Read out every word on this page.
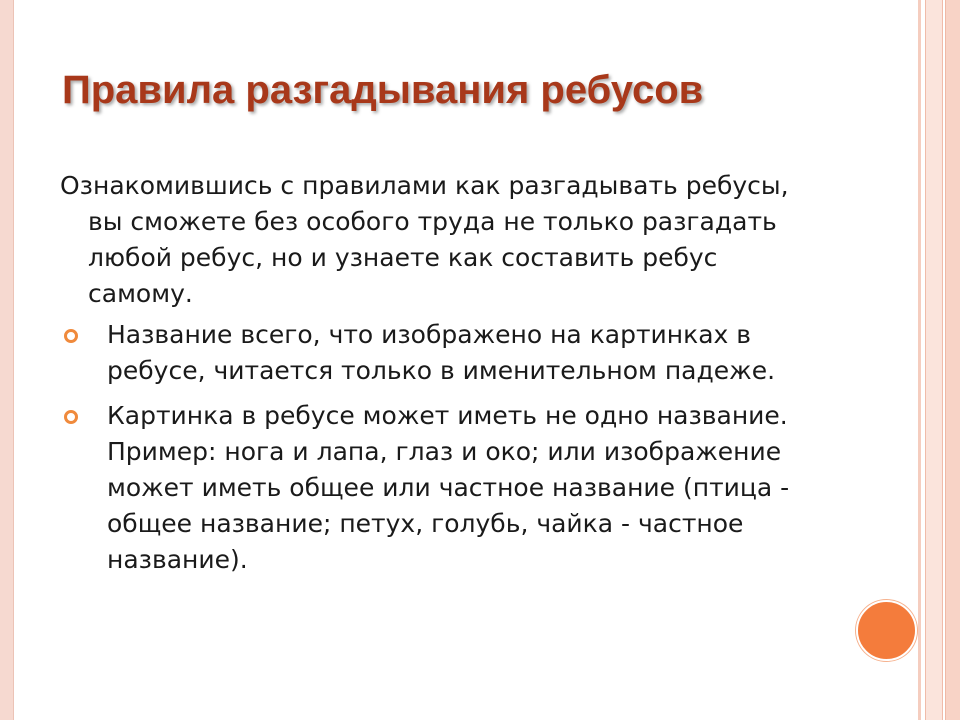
Правила разгадывания ребусов

Ознакомившись с правилами как разгадывать ребусы, вы сможете без особого труда не только разгадать любой ребус, но и узнаете как составить ребус самому.

Название всего, что изображено на картинках в ребусе, читается только в именительном падеже.
Картинка в ребусе может иметь не одно название. Пример: нога и лапа, глаз и око; или изображение может иметь общее или частное название (птица - общее название; петух, голубь, чайка - частное название).
